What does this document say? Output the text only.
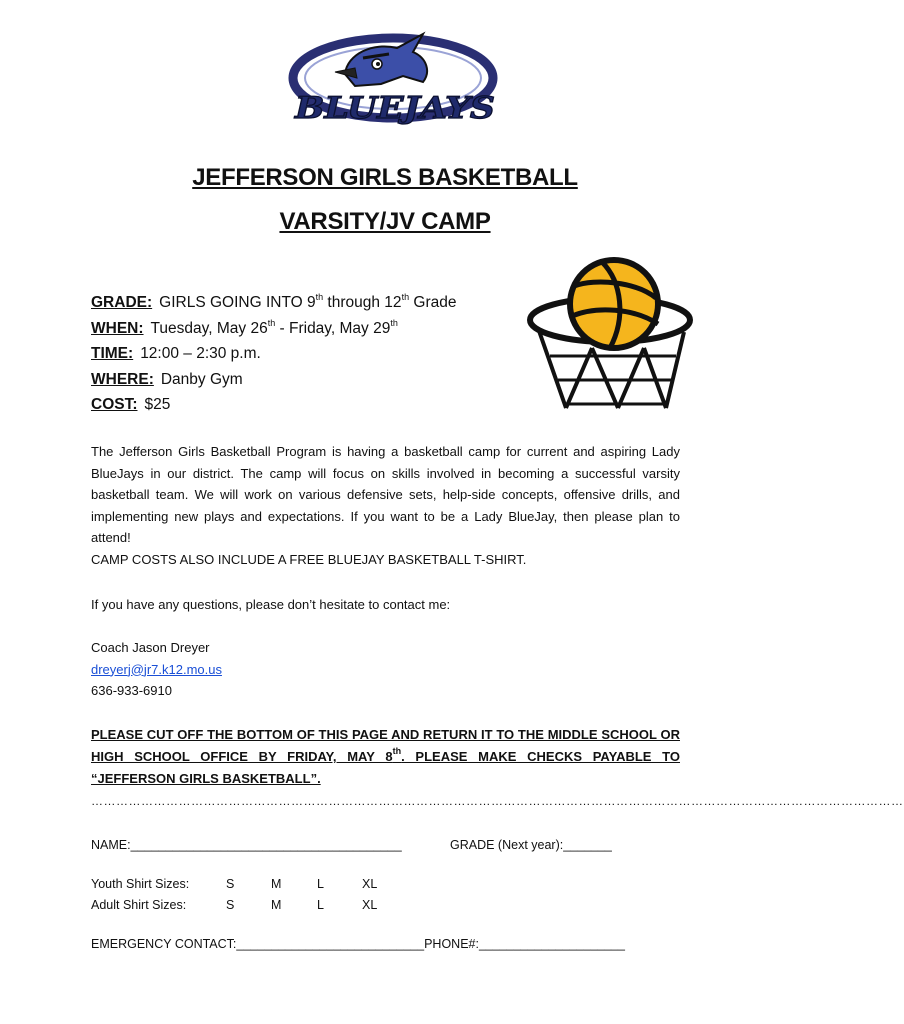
BLUEJAYS
JEFFERSON GIRLS BASKETBALL
VARSITY/JV CAMP
GRADE: GIRLS GOING INTO 9th through 12th Grade
WHEN: Tuesday, May 26th - Friday, May 29th
TIME: 12:00 – 2:30 p.m.
WHERE: Danby Gym
COST: $25
The Jefferson Girls Basketball Program is having a basketball camp for current and aspiring Lady BlueJays in our district. The camp will focus on skills involved in becoming a successful varsity basketball team. We will work on various defensive sets, help-side concepts, offensive drills, and implementing new plays and expectations. If you want to be a Lady BlueJay, then please plan to attend!
CAMP COSTS ALSO INCLUDE A FREE BLUEJAY BASKETBALL T-SHIRT.
If you have any questions, please don’t hesitate to contact me:
Coach Jason Dreyer
dreyerj@jr7.k12.mo.us
636-933-6910
PLEASE CUT OFF THE BOTTOM OF THIS PAGE AND RETURN IT TO THE MIDDLE SCHOOL OR HIGH SCHOOL OFFICE BY FRIDAY, MAY 8th. PLEASE MAKE CHECKS PAYABLE TO “JEFFERSON GIRLS BASKETBALL”.
……………………………………………………………………………………………………………………………………………………………………………
NAME:_______________________________________	GRADE (Next year):_______
Youth Shirt Sizes:	S	M	L	XL
Adult Shirt Sizes:	S	M	L	XL
EMERGENCY CONTACT:___________________________PHONE#:_____________________
